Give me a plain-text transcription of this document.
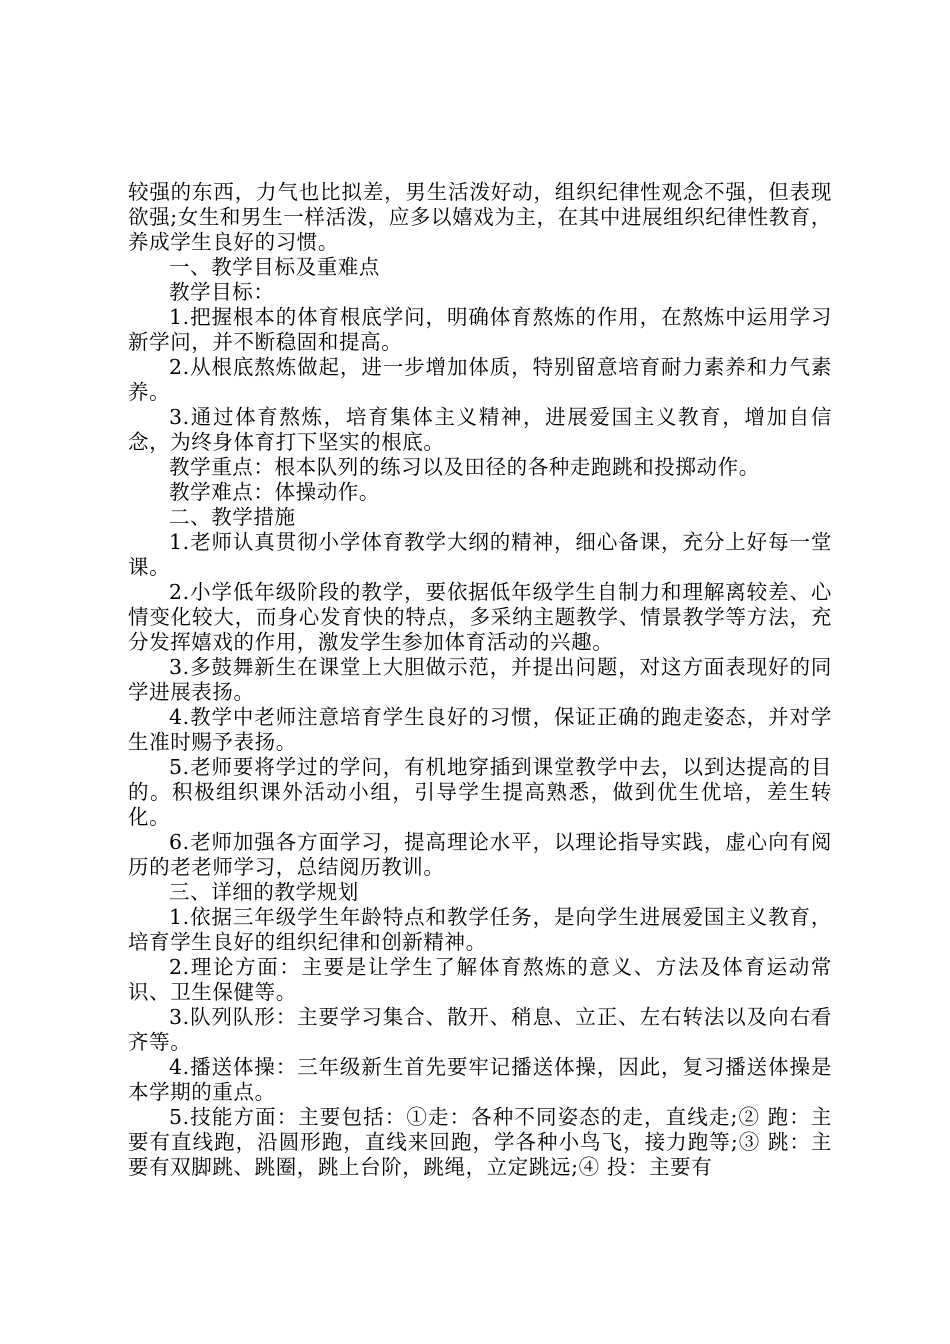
较强的东西，力气也比拟差，男生活泼好动，组织纪律性观念不强，但表现欲强;女生和男生一样活泼，应多以嬉戏为主，在其中进展组织纪律性教育，养成学生良好的习惯。

一、教学目标及重难点

教学目标：

1.把握根本的体育根底学问，明确体育熬炼的作用，在熬炼中运用学习新学问，并不断稳固和提高。

2.从根底熬炼做起，进一步增加体质，特别留意培育耐力素养和力气素养。

3.通过体育熬炼，培育集体主义精神，进展爱国主义教育，增加自信念，为终身体育打下坚实的根底。

教学重点：根本队列的练习以及田径的各种走跑跳和投掷动作。

教学难点：体操动作。

二、教学措施

1.老师认真贯彻小学体育教学大纲的精神，细心备课，充分上好每一堂课。

2.小学低年级阶段的教学，要依据低年级学生自制力和理解离较差、心情变化较大，而身心发育快的特点，多采纳主题教学、情景教学等方法，充分发挥嬉戏的作用，激发学生参加体育活动的兴趣。

3.多鼓舞新生在课堂上大胆做示范，并提出问题，对这方面表现好的同学进展表扬。

4.教学中老师注意培育学生良好的习惯，保证正确的跑走姿态，并对学生准时赐予表扬。

5.老师要将学过的学问，有机地穿插到课堂教学中去，以到达提高的目的。积极组织课外活动小组，引导学生提高熟悉，做到优生优培，差生转化。

6.老师加强各方面学习，提高理论水平，以理论指导实践，虚心向有阅历的老老师学习，总结阅历教训。

三、详细的教学规划

1.依据三年级学生年龄特点和教学任务，是向学生进展爱国主义教育，培育学生良好的组织纪律和创新精神。

2.理论方面：主要是让学生了解体育熬炼的意义、方法及体育运动常识、卫生保健等。

3.队列队形：主要学习集合、散开、稍息、立正、左右转法以及向右看齐等。

4.播送体操：三年级新生首先要牢记播送体操，因此，复习播送体操是本学期的重点。

5.技能方面：主要包括：①走：各种不同姿态的走，直线走;② 跑：主要有直线跑，沿圆形跑，直线来回跑，学各种小鸟飞，接力跑等;③ 跳：主要有双脚跳、跳圈，跳上台阶，跳绳，立定跳远;④ 投：主要有
